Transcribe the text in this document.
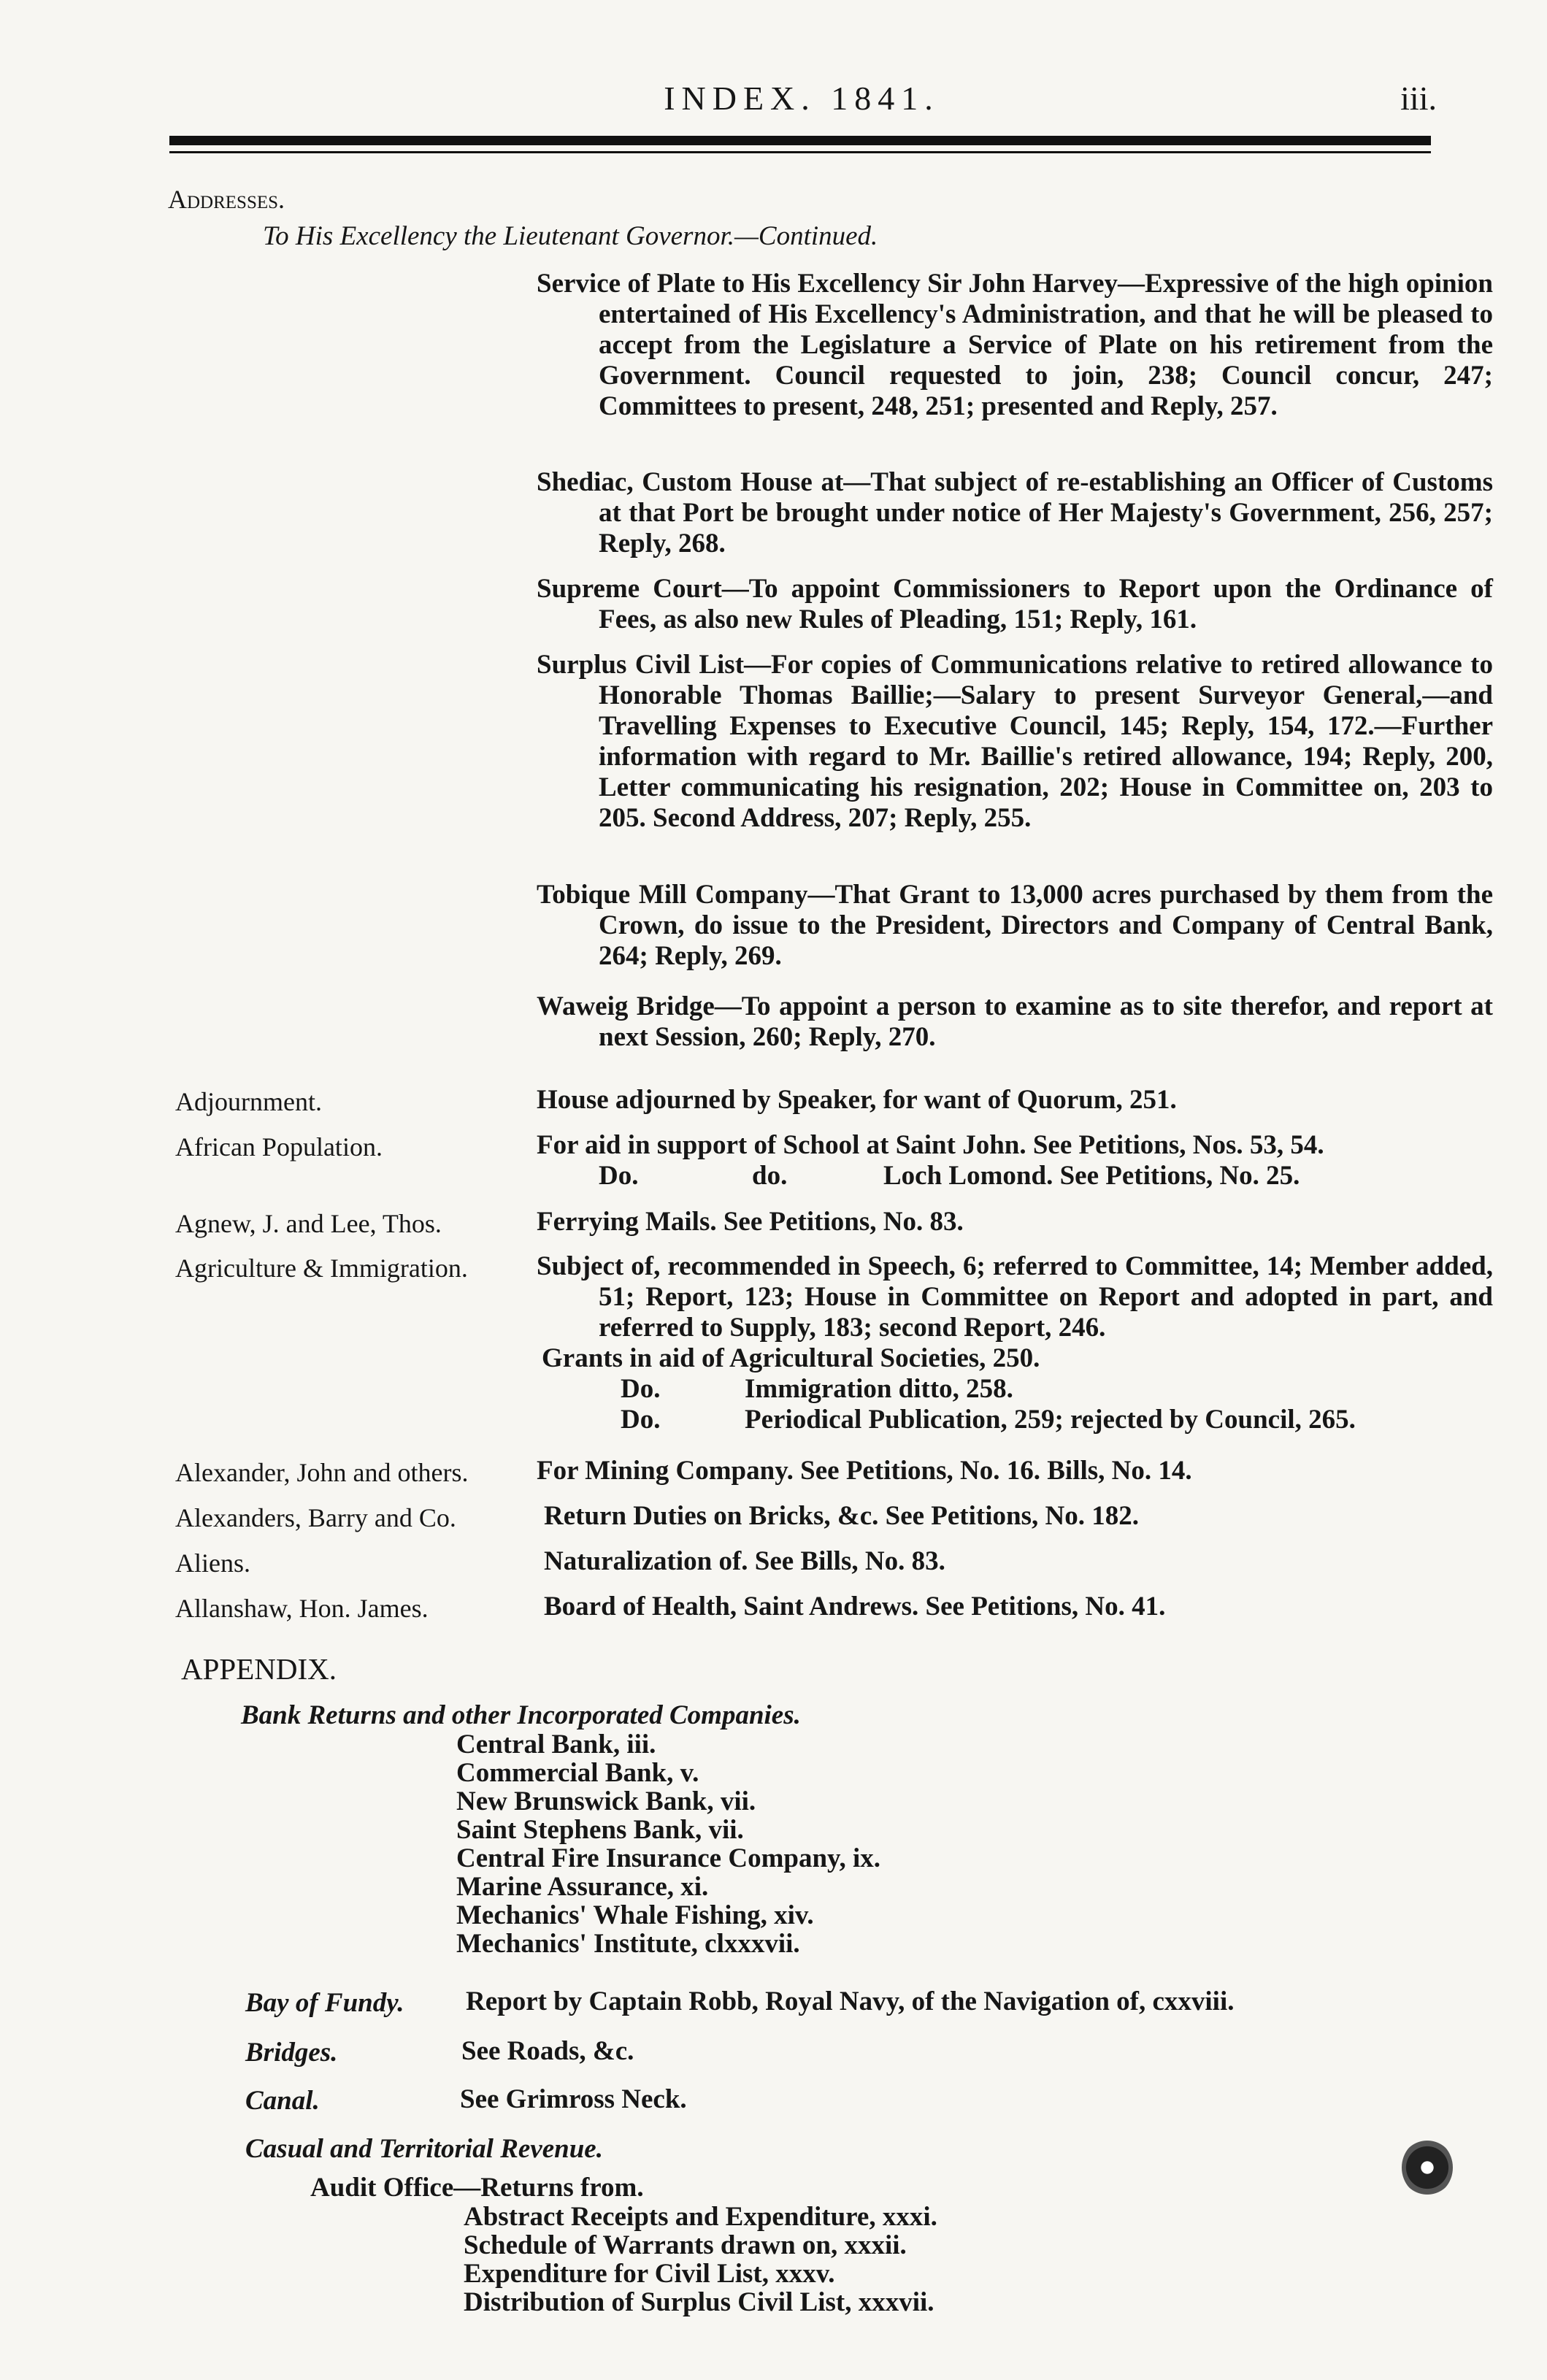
INDEX. 1841.	iii.
Addresses.
To His Excellency the Lieutenant Governor.—Continued.
Service of Plate to His Excellency Sir John Harvey—Expressive of the high opinion entertained of His Excellency's Administration, and that he will be pleased to accept from the Legislature a Service of Plate on his retirement from the Government. Council requested to join, 238; Council concur, 247; Committees to present, 248, 251; presented and Reply, 257.
Shediac, Custom House at—That subject of re-establishing an Officer of Customs at that Port be brought under notice of Her Majesty's Government, 256, 257; Reply, 268.
Supreme Court—To appoint Commissioners to Report upon the Ordinance of Fees, as also new Rules of Pleading, 151; Reply, 161.
Surplus Civil List—For copies of Communications relative to retired allowance to Honorable Thomas Baillie;—Salary to present Surveyor General,—and Travelling Expenses to Executive Council, 145; Reply, 154, 172.—Further information with regard to Mr. Baillie's retired allowance, 194; Reply, 200, Letter communicating his resignation, 202; House in Committee on, 203 to 205. Second Address, 207; Reply, 255.
Tobique Mill Company—That Grant to 13,000 acres purchased by them from the Crown, do issue to the President, Directors and Company of Central Bank, 264; Reply, 269.
Waweig Bridge—To appoint a person to examine as to site therefor, and report at next Session, 260; Reply, 270.
Adjournment.	House adjourned by Speaker, for want of Quorum, 251.
African Population.	For aid in support of School at Saint John. See Petitions, Nos. 53, 54.
Do.	do.	Loch Lomond. See Petitions, No. 25.
Agnew, J. and Lee, Thos.	Ferrying Mails. See Petitions, No. 83.
Agriculture & Immigration.	Subject of, recommended in Speech, 6; referred to Committee, 14; Member added, 51; Report, 123; House in Committee on Report and adopted in part, and referred to Supply, 183; second Report, 246.
Grants in aid of Agricultural Societies, 250.
Do.	Immigration ditto, 258.
Do.	Periodical Publication, 259; rejected by Council, 265.
Alexander, John and others.	For Mining Company. See Petitions, No. 16. Bills, No. 14.
Alexanders, Barry and Co.	Return Duties on Bricks, &c. See Petitions, No. 182.
Aliens.	Naturalization of. See Bills, No. 83.
Allanshaw, Hon. James.	Board of Health, Saint Andrews. See Petitions, No. 41.
APPENDIX.
Bank Returns and other Incorporated Companies.
Central Bank, iii.
Commercial Bank, v.
New Brunswick Bank, vii.
Saint Stephens Bank, vii.
Central Fire Insurance Company, ix.
Marine Assurance, xi.
Mechanics' Whale Fishing, xiv.
Mechanics' Institute, clxxxvii.
Bay of Fundy. Report by Captain Robb, Royal Navy, of the Navigation of, cxxviii.
Bridges.	See Roads, &c.
Canal.	See Grimross Neck.
Casual and Territorial Revenue.
Audit Office—Returns from.
Abstract Receipts and Expenditure, xxxi.
Schedule of Warrants drawn on, xxxii.
Expenditure for Civil List, xxxv.
Distribution of Surplus Civil List, xxxvii.
